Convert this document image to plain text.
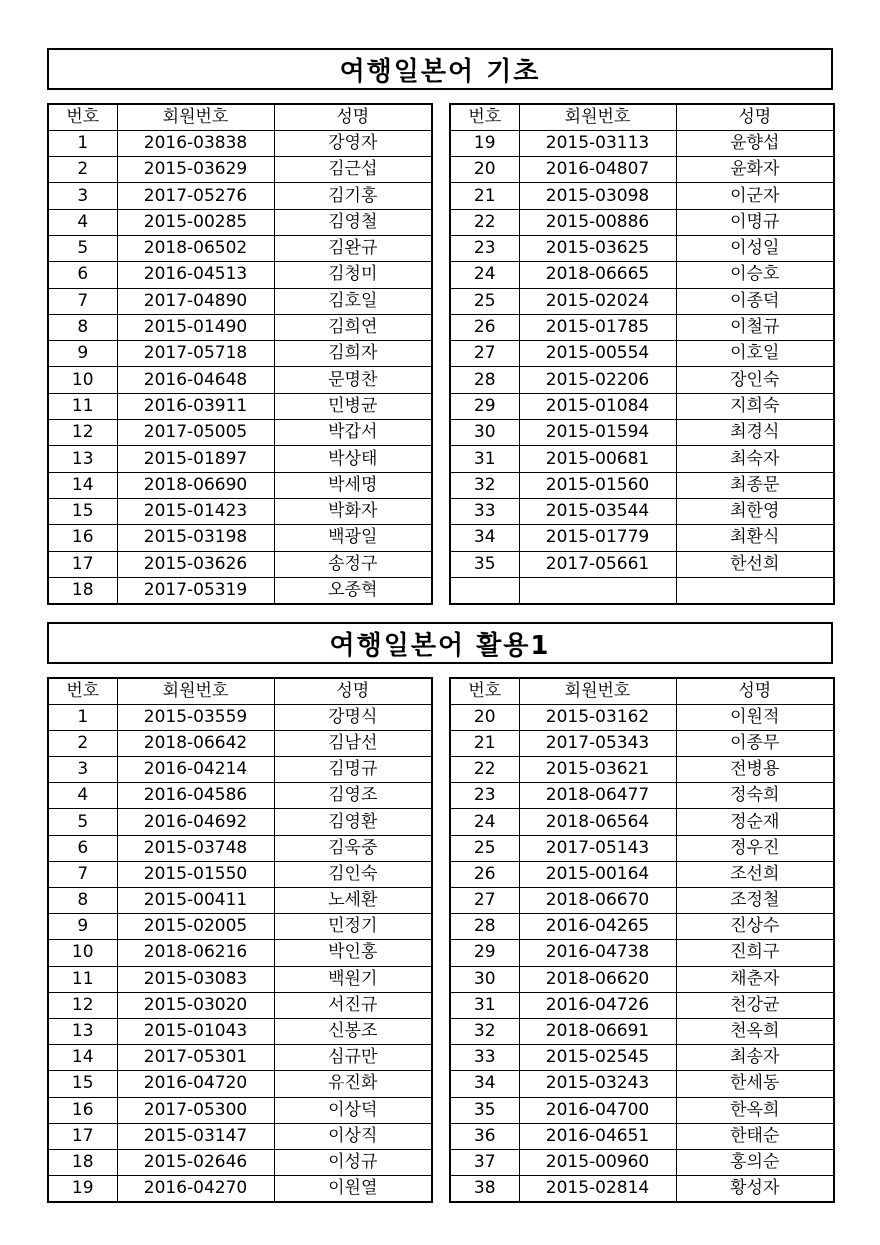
여행일본어 기초
번호	회원번호	성명
1	2016-03838	강영자
2	2015-03629	김근섭
3	2017-05276	김기홍
4	2015-00285	김영철
5	2018-06502	김완규
6	2016-04513	김청미
7	2017-04890	김호일
8	2015-01490	김희연
9	2017-05718	김희자
10	2016-04648	문명찬
11	2016-03911	민병균
12	2017-05005	박갑서
13	2015-01897	박상태
14	2018-06690	박세명
15	2015-01423	박화자
16	2015-03198	백광일
17	2015-03626	송정구
18	2017-05319	오종혁
번호	회원번호	성명
19	2015-03113	윤향섭
20	2016-04807	윤화자
21	2015-03098	이군자
22	2015-00886	이명규
23	2015-03625	이성일
24	2018-06665	이승호
25	2015-02024	이종덕
26	2015-01785	이철규
27	2015-00554	이호일
28	2015-02206	장인숙
29	2015-01084	지희숙
30	2015-01594	최경식
31	2015-00681	최숙자
32	2015-01560	최종문
33	2015-03544	최한영
34	2015-01779	최환식
35	2017-05661	한선희

여행일본어 활용1
번호	회원번호	성명
1	2015-03559	강명식
2	2018-06642	김남선
3	2016-04214	김명규
4	2016-04586	김영조
5	2016-04692	김영환
6	2015-03748	김욱중
7	2015-01550	김인숙
8	2015-00411	노세환
9	2015-02005	민정기
10	2018-06216	박인홍
11	2015-03083	백원기
12	2015-03020	서진규
13	2015-01043	신봉조
14	2017-05301	심규만
15	2016-04720	유진화
16	2017-05300	이상덕
17	2015-03147	이상직
18	2015-02646	이성규
19	2016-04270	이원열
번호	회원번호	성명
20	2015-03162	이원적
21	2017-05343	이종무
22	2015-03621	전병용
23	2018-06477	정숙희
24	2018-06564	정순재
25	2017-05143	정우진
26	2015-00164	조선희
27	2018-06670	조정철
28	2016-04265	진상수
29	2016-04738	진희구
30	2018-06620	채춘자
31	2016-04726	천강균
32	2018-06691	천옥희
33	2015-02545	최송자
34	2015-03243	한세동
35	2016-04700	한옥희
36	2016-04651	한태순
37	2015-00960	홍의순
38	2015-02814	황성자
